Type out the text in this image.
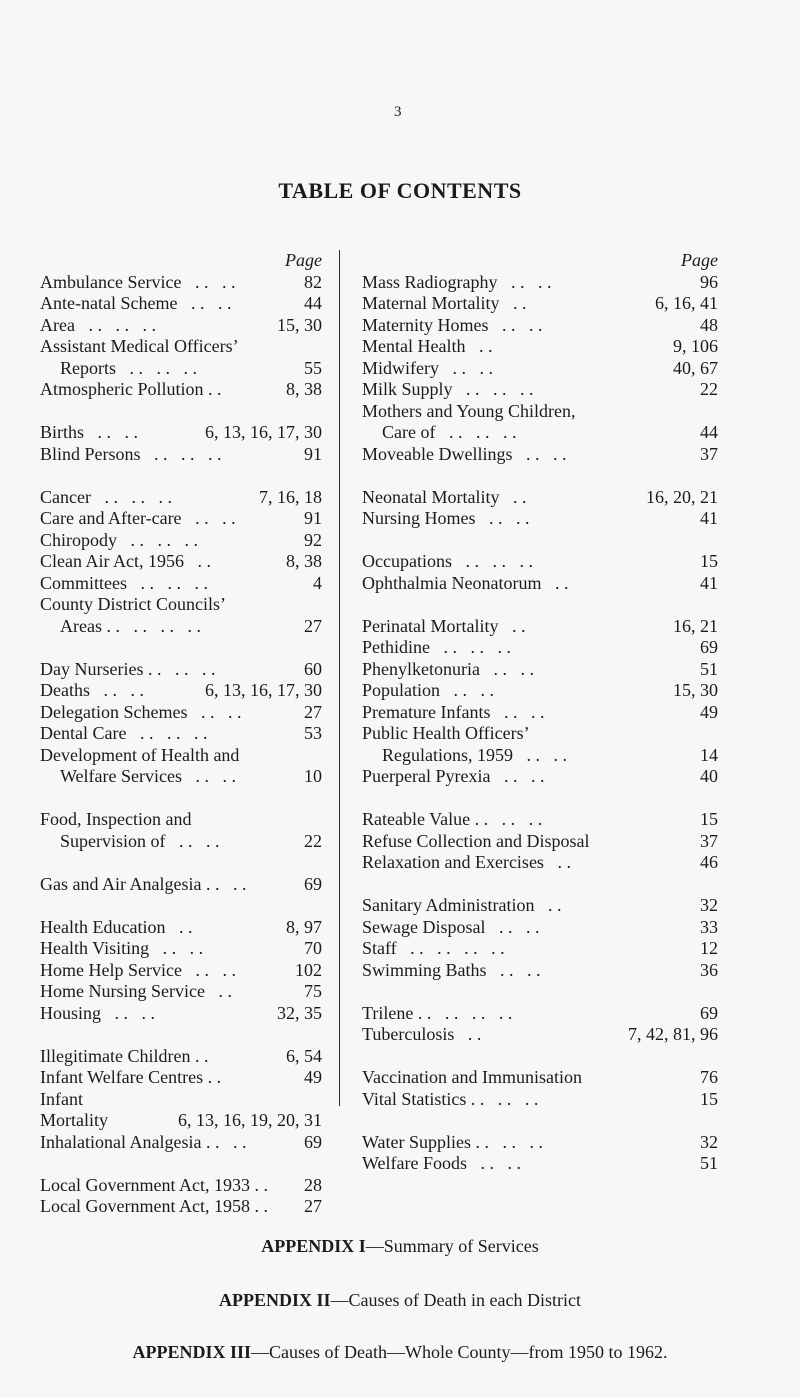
3
TABLE OF CONTENTS
Page
Ambulance Service . .   . .	82
Ante-natal Scheme . .   . .	44
Area . .   . .   . .	15, 30
Assistant Medical Officers’
Reports . .   . .   . .	55
Atmospheric Pollution . .	8, 38
Births . .   . .	6, 13, 16, 17, 30
Blind Persons . .   . .   . .	91
Cancer . .   . .   . .	7, 16, 18
Care and After-care . .   . .	91
Chiropody . .   . .   . .	92
Clean Air Act, 1956 . .	8, 38
Committees . .   . .   . .	4
County District Councils’
Areas . .   . .   . .   . .	27
Day Nurseries . .   . .   . .	60
Deaths . .   . .	6, 13, 16, 17, 30
Delegation Schemes . .   . .	27
Dental Care . .   . .   . .	53
Development of Health and
Welfare Services . .   . .	10
Food, Inspection and
Supervision of . .   . .	22
Gas and Air Analgesia . .   . .	69
Health Education . .	8, 97
Health Visiting . .   . .	70
Home Help Service . .   . .	102
Home Nursing Service . .	75
Housing . .   . .	32, 35
Illegitimate Children . .	6, 54
Infant Welfare Centres . .	49
Infant
Mortality	6, 13, 16, 19, 20, 31
Inhalational Analgesia . .   . .	69
Local Government Act, 1933 . .	28
Local Government Act, 1958 . .	27
Page
Mass Radiography . .   . .	96
Maternal Mortality . .	6, 16, 41
Maternity Homes . .   . .	48
Mental Health . .	9, 106
Midwifery . .   . .	40, 67
Milk Supply . .   . .   . .	22
Mothers and Young Children,
Care of . .   . .   . .	44
Moveable Dwellings . .   . .	37
Neonatal Mortality . .	16, 20, 21
Nursing Homes . .   . .	41
Occupations . .   . .   . .	15
Ophthalmia Neonatorum . .	41
Perinatal Mortality . .	16, 21
Pethidine . .   . .   . .	69
Phenylketonuria . .   . .	51
Population . .   . .	15, 30
Premature Infants . .   . .	49
Public Health Officers’
Regulations, 1959 . .   . .	14
Puerperal Pyrexia . .   . .	40
Rateable Value . .   . .   . .	15
Refuse Collection and Disposal	37
Relaxation and Exercises . .	46
Sanitary Administration . .	32
Sewage Disposal . .   . .	33
Staff . .   . .   . .   . .	12
Swimming Baths . .   . .	36
Trilene . .   . .   . .   . .	69
Tuberculosis . .	7, 42, 81, 96
Vaccination and Immunisation	76
Vital Statistics . .   . .   . .	15
Water Supplies . .   . .   . .	32
Welfare Foods . .   . .	51
APPENDIX I—Summary of Services
APPENDIX II—Causes of Death in each District
APPENDIX III—Causes of Death—Whole County—from 1950 to 1962.
